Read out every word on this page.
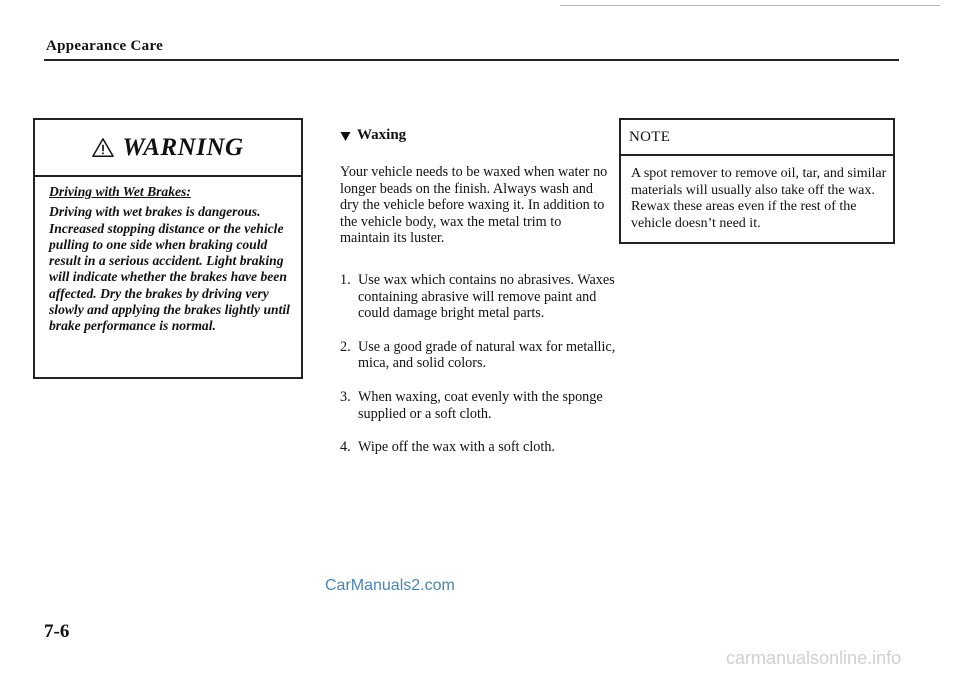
Appearance Care
WARNING
Driving with Wet Brakes:
Driving with wet brakes is dangerous. Increased stopping distance or the vehicle pulling to one side when braking could result in a serious accident. Light braking will indicate whether the brakes have been affected. Dry the brakes by driving very slowly and applying the brakes lightly until brake performance is normal.
Waxing
Your vehicle needs to be waxed when water no longer beads on the finish. Always wash and dry the vehicle before waxing it. In addition to the vehicle body, wax the metal trim to maintain its luster.
1. Use wax which contains no abrasives. Waxes containing abrasive will remove paint and could damage bright metal parts.
2. Use a good grade of natural wax for metallic, mica, and solid colors.
3. When waxing, coat evenly with the sponge supplied or a soft cloth.
4. Wipe off the wax with a soft cloth.
NOTE
A spot remover to remove oil, tar, and similar materials will usually also take off the wax. Rewax these areas even if the rest of the vehicle doesn’t need it.
7-6
CarManuals2.com
carmanualsonline.info
